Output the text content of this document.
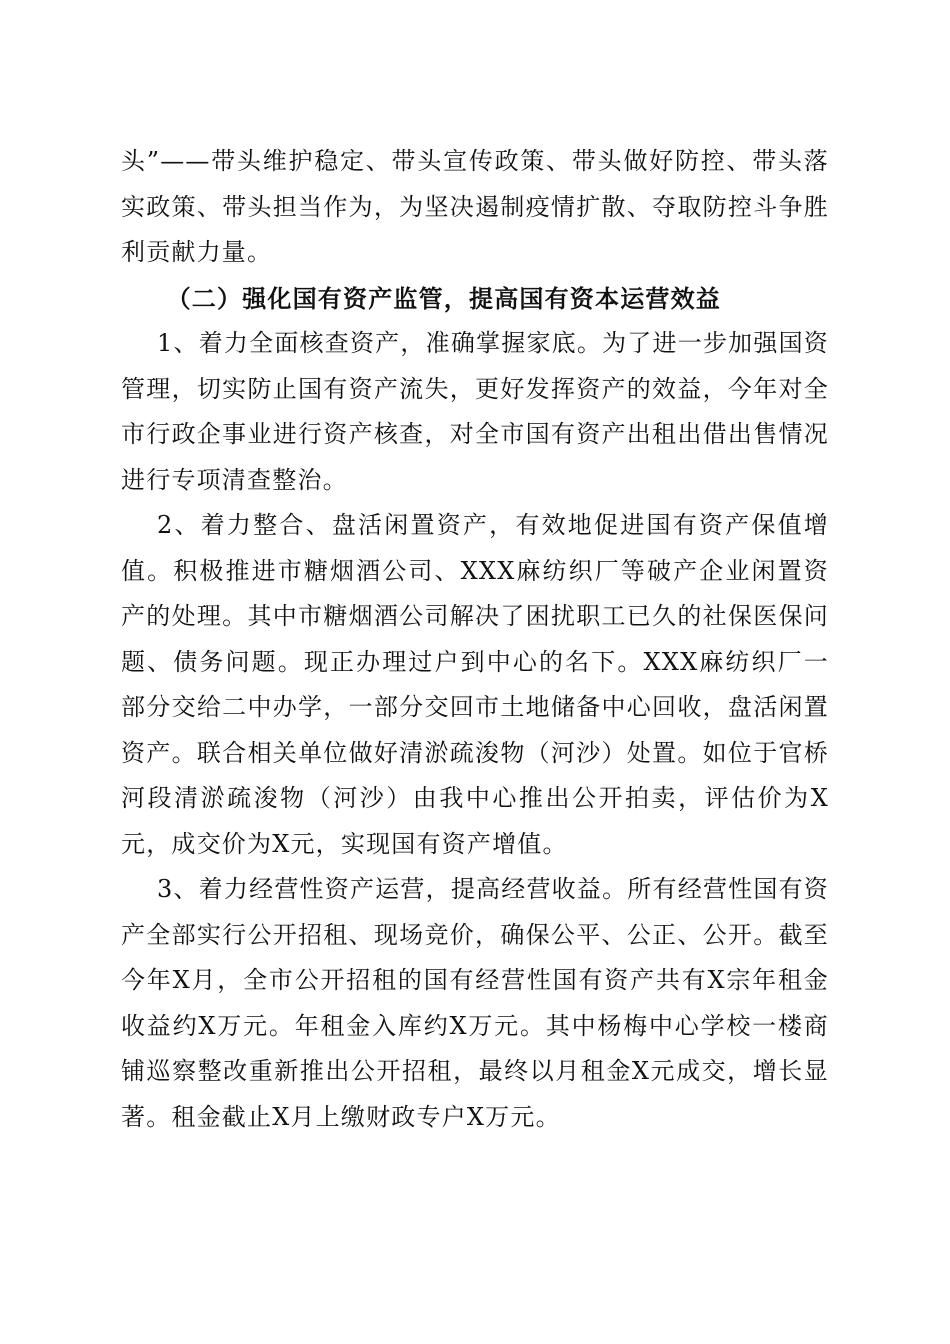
头”——带头维护稳定、带头宣传政策、带头做好防控、带头落实政策、带头担当作为，为坚决遏制疫情扩散、夺取防控斗争胜利贡献力量。

（二）强化国有资产监管，提高国有资本运营效益

1、着力全面核查资产，准确掌握家底。为了进一步加强国资管理，切实防止国有资产流失，更好发挥资产的效益，今年对全市行政企事业进行资产核查，对全市国有资产出租出借出售情况进行专项清查整治。

2、着力整合、盘活闲置资产，有效地促进国有资产保值增值。积极推进市糖烟酒公司、XXX麻纺织厂等破产企业闲置资产的处理。其中市糖烟酒公司解决了困扰职工已久的社保医保问题、债务问题。现正办理过户到中心的名下。XXX麻纺织厂一部分交给二中办学，一部分交回市土地储备中心回收，盘活闲置资产。联合相关单位做好清淤疏浚物（河沙）处置。如位于官桥河段清淤疏浚物（河沙）由我中心推出公开拍卖，评估价为X元，成交价为X元，实现国有资产增值。

3、着力经营性资产运营，提高经营收益。所有经营性国有资产全部实行公开招租、现场竞价，确保公平、公正、公开。截至今年X月，全市公开招租的国有经营性国有资产共有X宗年租金收益约X万元。年租金入库约X万元。其中杨梅中心学校一楼商铺巡察整改重新推出公开招租，最终以月租金X元成交，增长显著。租金截止X月上缴财政专户X万元。
